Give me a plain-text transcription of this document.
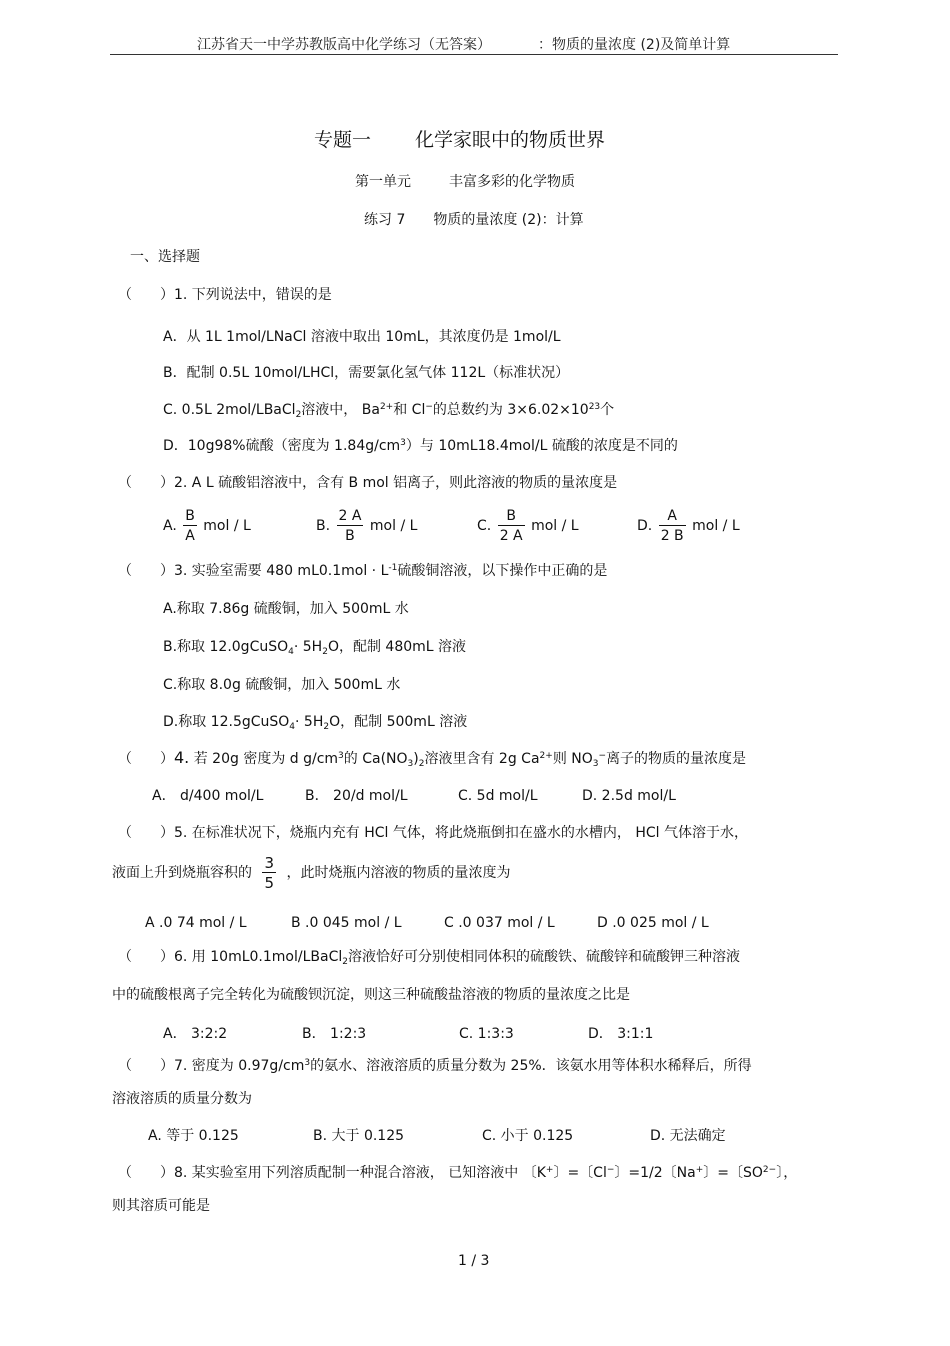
江苏省天一中学苏教版高中化学练习（无答案）	：物质的量浓度 (2)及简单计算
专题一 化学家眼中的物质世界
第一单元	丰富多彩的化学物质
练习 7 物质的量浓度 (2)：计算
一、选择题
（　　）1. 下列说法中，错误的是
A．从 1L 1mol/LNaCl 溶液中取出 10mL，其浓度仍是 1mol/L
B．配制 0.5L 10mol/LHCl，需要氯化氢气体 112L（标准状况）
C. 0.5L 2mol/LBaCl$_2$溶液中， $Ba^{2+}$和 Cl−的总数约为 $3\times 6.02\times 10^{23}$个
D．10g98%硫酸（密度为 $1.84g/cm^3$）与 10mL18.4mol/L 硫酸的浓度是不同的
（　　）2. A L 硫酸铝溶液中，含有 B mol 铝离子，则此溶液的物质的量浓度是
A. $\frac{B}{A}$ mol / L	B. $\frac{2 A}{B}$ mol / L	C. $\frac{B}{2 A}$ mol / L	D. $\frac{A}{2 B}$ mol / L
（　　）3. 实验室需要 480 $mL0.1mol \cdot L^{-1}$硫酸铜溶液，以下操作中正确的是
A.称取 7.86g 硫酸铜，加入 500mL 水
B.称取 12.0gCuSO$_4$· $5H_2O$，配制 480mL 溶液
C.称取 8.0g 硫酸铜，加入 500mL 水
D.称取 12.5gCuSO$_4$· $5H_2O$，配制 500mL 溶液
（　　）4. 若 20g 密度为 d $g/cm^3$的 $Ca(NO_3)_2$溶液里含有 2g $Ca^{2+}$则 $NO_3^-$离子的物质的量浓度是
A． d/400 mol/L	B． 20/d mol/L	C. 5d mol/L	D. 2.5d mol/L
（　　）5. 在标准状况下，烧瓶内充有 HCl 气体，将此烧瓶倒扣在盛水的水槽内， HCl 气体溶于水，
液面上升到烧瓶容积的 $\frac{3}{5}$ ，此时烧瓶内溶液的物质的量浓度为
A .0 74 mol / L	B .0 045 mol / L	C .0 037 mol / L	D .0 025 mol / L
（　　）6. 用 10mL0.1mol/LBaCl$_2$溶液恰好可分别使相同体积的硫酸铁、硫酸锌和硫酸钾三种溶液
中的硫酸根离子完全转化为硫酸钡沉淀，则这三种硫酸盐溶液的物质的量浓度之比是
A． 3:2:2	B． 1:2:3	C. 1:3:3	D． 3:1:1
（　　）7. 密度为 $0.97g/cm^3$的氨水、溶液溶质的质量分数为 25%．该氨水用等体积水稀释后，所得
溶液溶质的质量分数为
A. 等于 0.125	B. 大于 0.125	C. 小于 0.125	D. 无法确定
（　　）8. 某实验室用下列溶质配制一种混合溶液， 已知溶液中 〔K+〕=〔Cl−〕=1/2〔Na+〕=〔$SO^{2-}$〕，
则其溶质可能是
1 / 3
